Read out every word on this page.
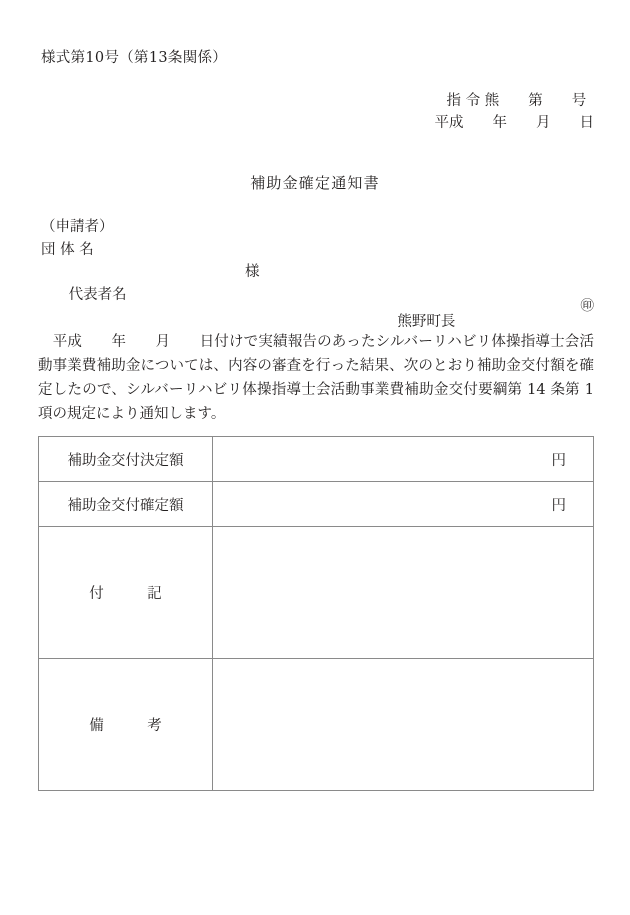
様式第10号（第13条関係）
指 令 熊　　第　　号
平成　　年　　月　　日
補助金確定通知書
（申請者）
団 体 名

代表者名

様

熊野町長

㊞

　平成　　年　　月　　日付けで実績報告のあったシルバーリハビリ体操指導士会活動事業費補助金については、内容の審査を行った結果、次のとおり補助金交付額を確定したので、シルバーリハビリ体操指導士会活動事業費補助金交付要綱第 14 条第 1 項の規定により通知します。

補助金交付決定額	円
補助金交付確定額	円
付　　　記	
備　　　考	
